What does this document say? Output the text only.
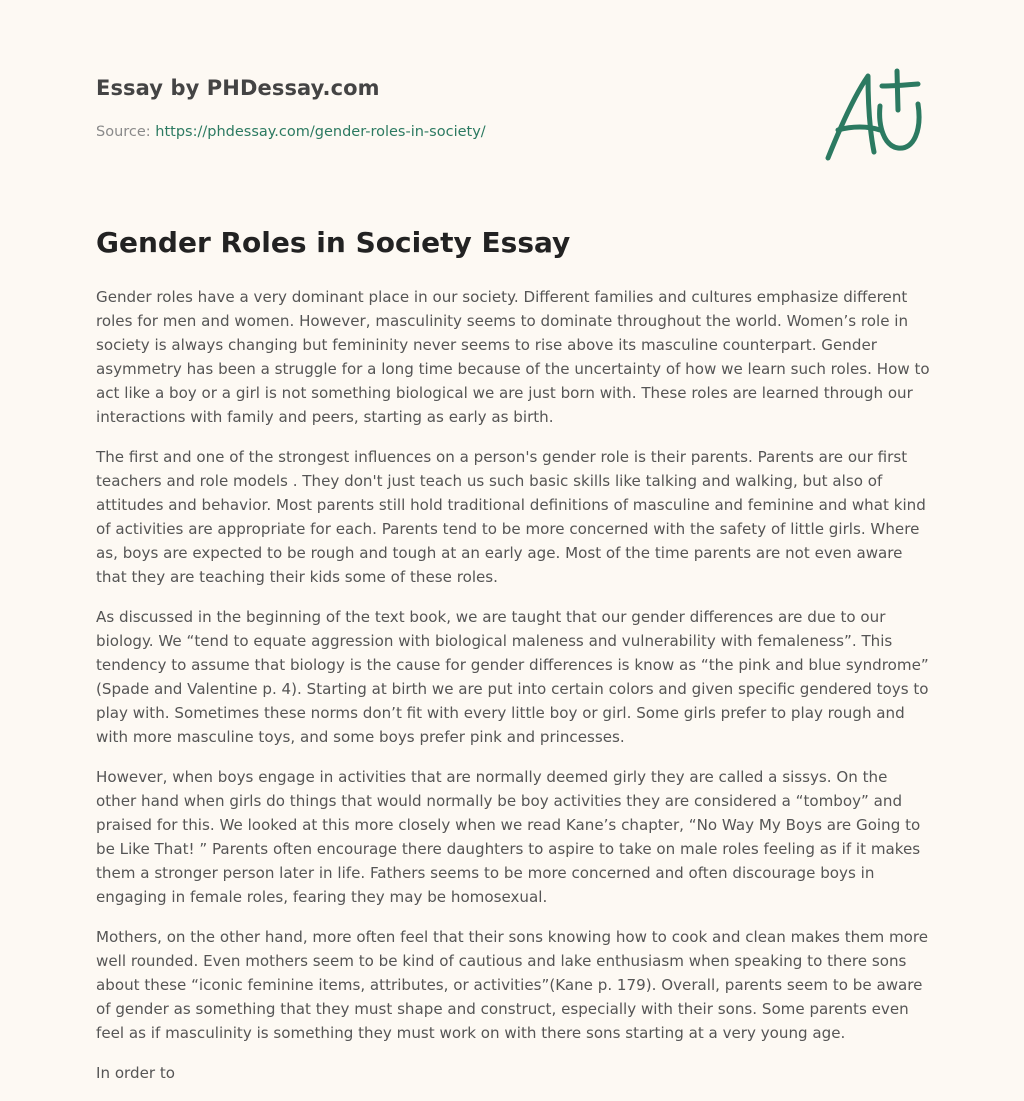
Essay by PHDessay.com
Source: https://phdessay.com/gender-roles-in-society/
Gender Roles in Society Essay

Gender roles have a very dominant place in our society. Different families and cultures emphasize different roles for men and women. However, masculinity seems to dominate throughout the world. Women’s role in society is always changing but femininity never seems to rise above its masculine counterpart. Gender asymmetry has been a struggle for a long time because of the uncertainty of how we learn such roles. How to act like a boy or a girl is not something biological we are just born with. These roles are learned through our interactions with family and peers, starting as early as birth.

The first and one of the strongest influences on a person's gender role is their parents. Parents are our first teachers and role models . They don't just teach us such basic skills like talking and walking, but also of attitudes and behavior. Most parents still hold traditional definitions of masculine and feminine and what kind of activities are appropriate for each. Parents tend to be more concerned with the safety of little girls. Where as, boys are expected to be rough and tough at an early age. Most of the time parents are not even aware that they are teaching their kids some of these roles.

As discussed in the beginning of the text book, we are taught that our gender differences are due to our biology. We “tend to equate aggression with biological maleness and vulnerability with femaleness”. This tendency to assume that biology is the cause for gender differences is know as “the pink and blue syndrome” (Spade and Valentine p. 4). Starting at birth we are put into certain colors and given specific gendered toys to play with. Sometimes these norms don’t fit with every little boy or girl. Some girls prefer to play rough and with more masculine toys, and some boys prefer pink and princesses.

However, when boys engage in activities that are normally deemed girly they are called a sissys. On the other hand when girls do things that would normally be boy activities they are considered a “tomboy” and praised for this. We looked at this more closely when we read Kane’s chapter, “No Way My Boys are Going to be Like That! ” Parents often encourage there daughters to aspire to take on male roles feeling as if it makes them a stronger person later in life. Fathers seems to be more concerned and often discourage boys in engaging in female roles, fearing they may be homosexual.

Mothers, on the other hand, more often feel that their sons knowing how to cook and clean makes them more well rounded. Even mothers seem to be kind of cautious and lake enthusiasm when speaking to there sons about these “iconic feminine items, attributes, or activities”(Kane p. 179). Overall, parents seem to be aware of gender as something that they must shape and construct, especially with their sons. Some parents even feel as if masculinity is something they must work on with there sons starting at a very young age.

In order to
